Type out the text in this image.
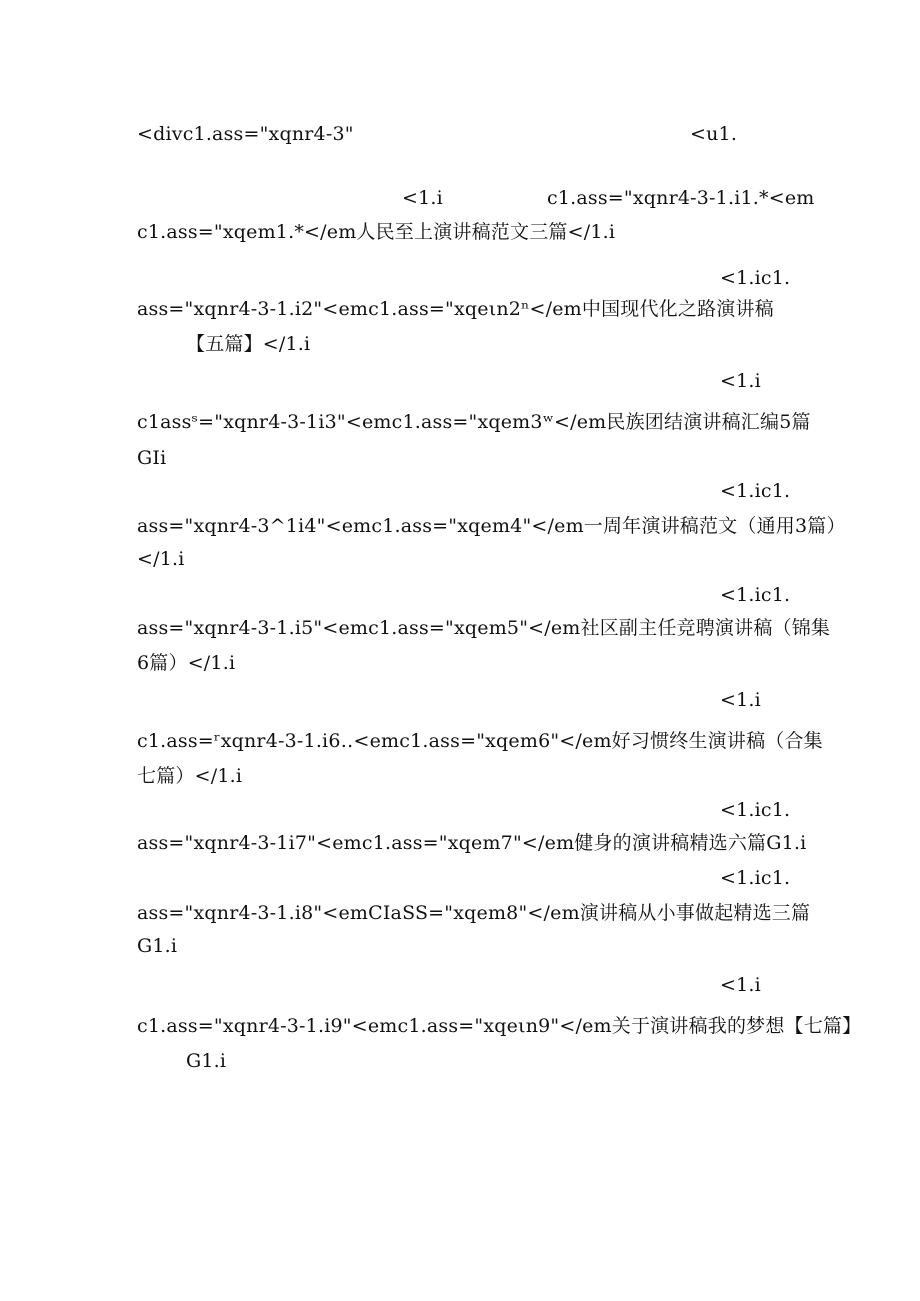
<divc1.ass="xqnr4-3"	<u1.
<1.i	c1.ass="xqnr4-3-1.i1.*<em
c1.ass="xqem1.*</em人民至上演讲稿范文三篇</1.i
<1.ic1.
ass="xqnr4-3-1.i2"<emc1.ass="xqeιn2ⁿ</em中国现代化之路演讲稿
【五篇】</1.i
<1.i
c1assˢ="xqnr4-3-1i3"<emc1.ass="xqem3ʷ</em民族团结演讲稿汇编5篇
GIi
<1.ic1.
ass="xqnr4-3^1i4"<emc1.ass="xqem4"</em一周年演讲稿范文（通用3篇）
</1.i
<1.ic1.
ass="xqnr4-3-1.i5"<emc1.ass="xqem5"</em社区副主任竞聘演讲稿（锦集
6篇）</1.i
<1.i
c1.ass=ʳxqnr4-3-1.i6‥<emc1.ass="xqem6"</em好习惯终生演讲稿（合集
七篇）</1.i
<1.ic1.
ass="xqnr4-3-1i7"<emc1.ass="xqem7"</em健身的演讲稿精选六篇G1.i
<1.ic1.
ass="xqnr4-3-1.i8"<emCIaSS="xqem8"</em演讲稿从小事做起精选三篇
G1.i
<1.i
c1.ass="xqnr4-3-1.i9"<emc1.ass="xqeιn9"</em关于演讲稿我的梦想【七篇】
G1.i
